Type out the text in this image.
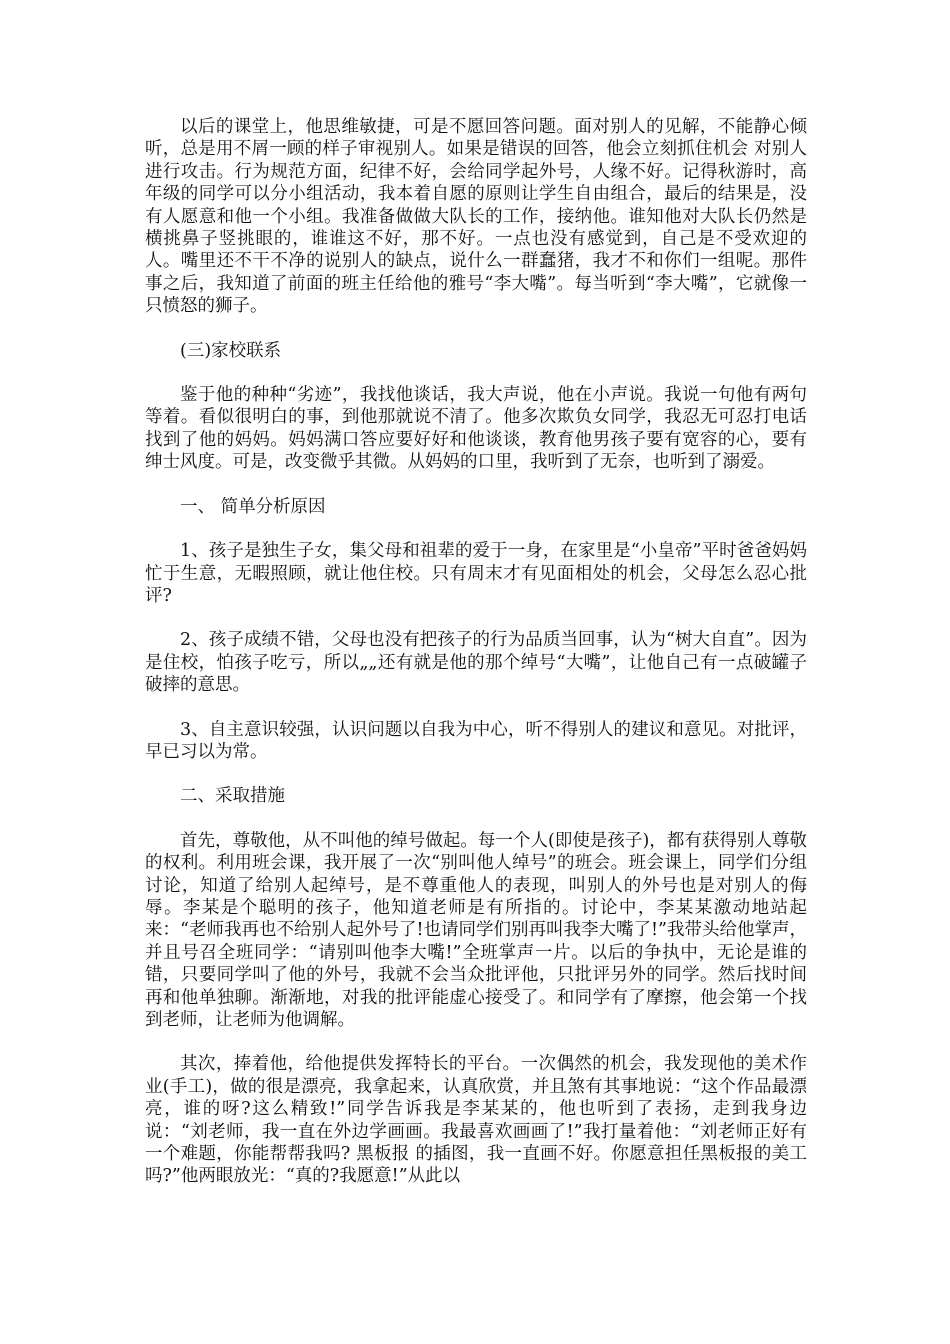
以后的课堂上，他思维敏捷，可是不愿回答问题。面对别人的见解，不能静心倾听，总是用不屑一顾的样子审视别人。如果是错误的回答，他会立刻抓住机会 对别人进行攻击。行为规范方面，纪律不好，会给同学起外号，人缘不好。记得秋游时，高年级的同学可以分小组活动，我本着自愿的原则让学生自由组合，最后的结果是，没有人愿意和他一个小组。我准备做做大队长的工作，接纳他。谁知他对大队长仍然是横挑鼻子竖挑眼的，谁谁这不好，那不好。一点也没有感觉到，自己是不受欢迎的人。嘴里还不干不净的说别人的缺点，说什么一群蠢猪，我才不和你们一组呢。那件事之后，我知道了前面的班主任给他的雅号“李大嘴”。每当听到“李大嘴”，它就像一只愤怒的狮子。

(三)家校联系

鉴于他的种种“劣迹”，我找他谈话，我大声说，他在小声说。我说一句他有两句等着。看似很明白的事，到他那就说不清了。他多次欺负女同学，我忍无可忍打电话找到了他的妈妈。妈妈满口答应要好好和他谈谈，教育他男孩子要有宽容的心，要有绅士风度。可是，改变微乎其微。从妈妈的口里，我听到了无奈，也听到了溺爱。

一、 简单分析原因

1、孩子是独生子女，集父母和祖辈的爱于一身，在家里是“小皇帝”平时爸爸妈妈忙于生意，无暇照顾，就让他住校。只有周末才有见面相处的机会，父母怎么忍心批评?

2、孩子成绩不错，父母也没有把孩子的行为品质当回事，认为“树大自直”。因为是住校，怕孩子吃亏，所以„„还有就是他的那个绰号“大嘴”，让他自己有一点破罐子破摔的意思。

3、自主意识较强，认识问题以自我为中心，听不得别人的建议和意见。对批评，早已习以为常。

二、采取措施

首先，尊敬他，从不叫他的绰号做起。每一个人(即使是孩子)，都有获得别人尊敬的权利。利用班会课，我开展了一次“别叫他人绰号”的班会。班会课上，同学们分组讨论，知道了给别人起绰号，是不尊重他人的表现，叫别人的外号也是对别人的侮辱。李某是个聪明的孩子，他知道老师是有所指的。讨论中，李某某激动地站起来：“老师我再也不给别人起外号了!也请同学们别再叫我李大嘴了!”我带头给他掌声，并且号召全班同学：“请别叫他李大嘴!”全班掌声一片。以后的争执中，无论是谁的错，只要同学叫了他的外号，我就不会当众批评他，只批评另外的同学。然后找时间再和他单独聊。渐渐地，对我的批评能虚心接受了。和同学有了摩擦，他会第一个找到老师，让老师为他调解。

其次，捧着他，给他提供发挥特长的平台。一次偶然的机会，我发现他的美术作业(手工)，做的很是漂亮，我拿起来，认真欣赏，并且煞有其事地说：“这个作品最漂亮，谁的呀?这么精致!”同学告诉我是李某某的，他也听到了表扬，走到我身边说：“刘老师，我一直在外边学画画。我最喜欢画画了!”我打量着他：“刘老师正好有一个难题，你能帮帮我吗? 黑板报 的插图，我一直画不好。你愿意担任黑板报的美工吗?”他两眼放光：“真的?我愿意!”从此以
